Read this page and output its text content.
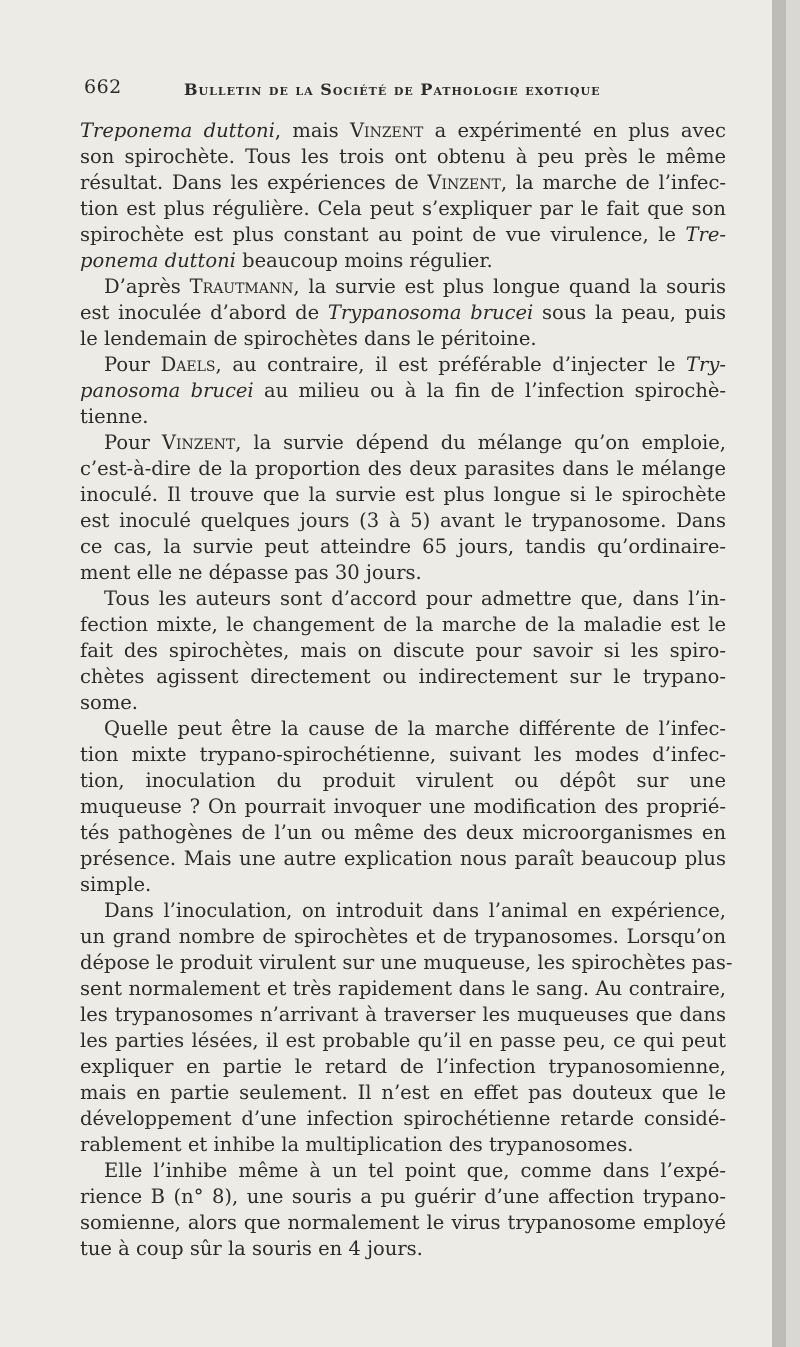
662	Bulletin de la Société de Pathologie exotique
Treponema duttoni, mais Vinzent a expérimenté en plus avec
son spirochète. Tous les trois ont obtenu à peu près le même
résultat. Dans les expériences de Vinzent, la marche de l’infec-
tion est plus régulière. Cela peut s’expliquer par le fait que son
spirochète est plus constant au point de vue virulence, le Tre-
ponema duttoni beaucoup moins régulier.
D’après Trautmann, la survie est plus longue quand la souris
est inoculée d’abord de Trypanosoma brucei sous la peau, puis
le lendemain de spirochètes dans le péritoine.
Pour Daels, au contraire, il est préférable d’injecter le Try-
panosoma brucei au milieu ou à la fin de l’infection spirochè-
tienne.
Pour Vinzent, la survie dépend du mélange qu’on emploie,
c’est-à-dire de la proportion des deux parasites dans le mélange
inoculé. Il trouve que la survie est plus longue si le spirochète
est inoculé quelques jours (3 à 5) avant le trypanosome. Dans
ce cas, la survie peut atteindre 65 jours, tandis qu’ordinaire-
ment elle ne dépasse pas 30 jours.
Tous les auteurs sont d’accord pour admettre que, dans l’in-
fection mixte, le changement de la marche de la maladie est le
fait des spirochètes, mais on discute pour savoir si les spiro-
chètes agissent directement ou indirectement sur le trypano-
some.
Quelle peut être la cause de la marche différente de l’infec-
tion mixte trypano-spirochétienne, suivant les modes d’infec-
tion, inoculation du produit virulent ou dépôt sur une
muqueuse ? On pourrait invoquer une modification des proprié-
tés pathogènes de l’un ou même des deux microorganismes en
présence. Mais une autre explication nous paraît beaucoup plus
simple.
Dans l’inoculation, on introduit dans l’animal en expérience,
un grand nombre de spirochètes et de trypanosomes. Lorsqu’on
dépose le produit virulent sur une muqueuse, les spirochètes pas-
sent normalement et très rapidement dans le sang. Au contraire,
les trypanosomes n’arrivant à traverser les muqueuses que dans
les parties lésées, il est probable qu’il en passe peu, ce qui peut
expliquer en partie le retard de l’infection trypanosomienne,
mais en partie seulement. Il n’est en effet pas douteux que le
développement d’une infection spirochétienne retarde considé-
rablement et inhibe la multiplication des trypanosomes.
Elle l’inhibe même à un tel point que, comme dans l’expé-
rience B (n° 8), une souris a pu guérir d’une affection trypano-
somienne, alors que normalement le virus trypanosome employé
tue à coup sûr la souris en 4 jours.
